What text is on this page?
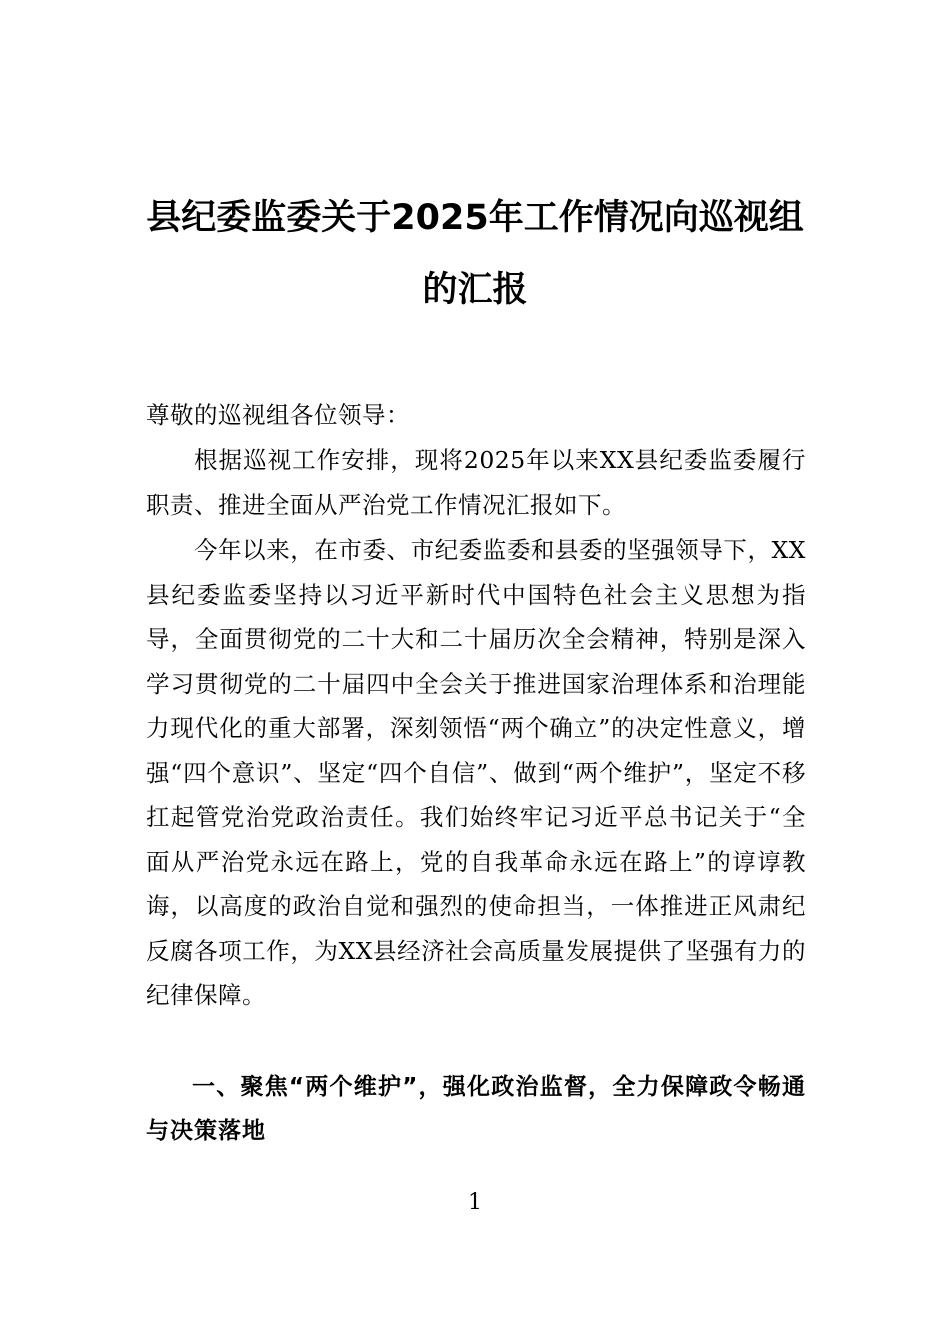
县纪委监委关于2025年工作情况向巡视组
的汇报
尊敬的巡视组各位领导：
根据巡视工作安排，现将2025年以来XX县纪委监委履行职责、推进全面从严治党工作情况汇报如下。
今年以来，在市委、市纪委监委和县委的坚强领导下，XX县纪委监委坚持以习近平新时代中国特色社会主义思想为指导，全面贯彻党的二十大和二十届历次全会精神，特别是深入学习贯彻党的二十届四中全会关于推进国家治理体系和治理能力现代化的重大部署，深刻领悟“两个确立”的决定性意义，增强“四个意识”、坚定“四个自信”、做到“两个维护”，坚定不移扛起管党治党政治责任。我们始终牢记习近平总书记关于“全面从严治党永远在路上，党的自我革命永远在路上”的谆谆教诲，以高度的政治自觉和强烈的使命担当，一体推进正风肃纪反腐各项工作，为XX县经济社会高质量发展提供了坚强有力的纪律保障。
一、聚焦“两个维护”，强化政治监督，全力保障政令畅通与决策落地
1
